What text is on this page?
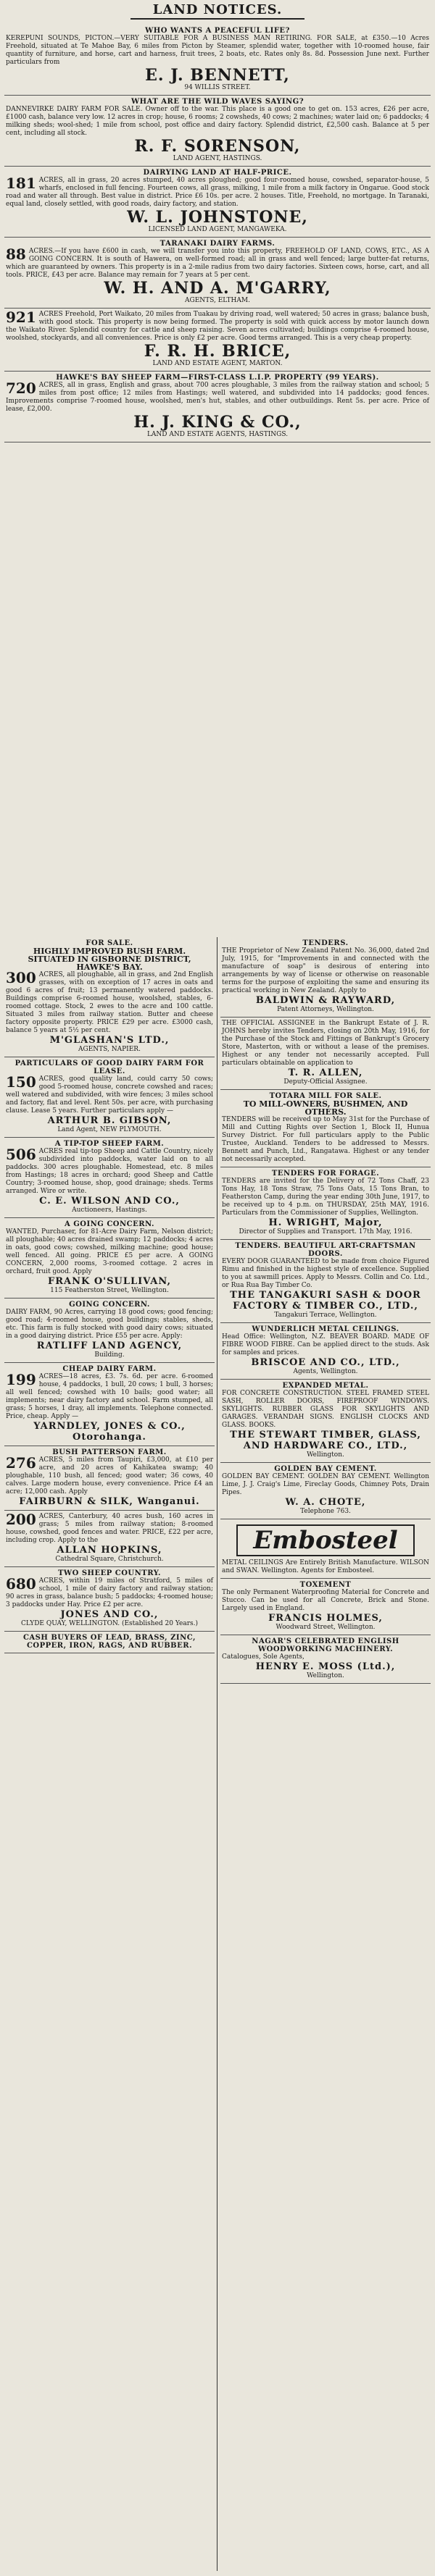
LAND NOTICES.
WHO WANTS A PEACEFUL LIFE?
KEREPUNI SOUNDS, PICTON.—VERY SUITABLE FOR A BUSINESS MAN RETIRING. FOR SALE, at £350.—10 Acres Freehold, situated at Te Mahoe Bay, 6 miles from Picton by Steamer, splendid water, together with 10-roomed house, fair quantity of furniture, and horse, cart and harness, fruit trees, 2 boats, etc. Rates only 8s. 8d. Possession June next. Further particulars from
E. J. BENNETT,
94 WILLIS STREET.
WHAT ARE THE WILD WAVES SAYING?
DANNEVIRKE DAIRY FARM FOR SALE. Owner off to the war. This place is a good one to get on. 153 acres, £26 per acre, £1000 cash, balance very low. 12 acres in crop; house, 6 rooms; 2 cowsheds, 40 cows; 2 machines; water laid on; 6 paddocks; 4 milking sheds; wool-shed; 1 mile from school, post office and dairy factory. Splendid district, £2,500 cash. Balance at 5 per cent, including all stock.
R. F. SORENSON,
LAND AGENT, HASTINGS.
DAIRYING LAND AT HALF-PRICE.
181 ACRES, all in grass, 20 acres stumped, 40 acres ploughed; good four-roomed house, cowshed, separator-house, 5 wharfs, enclosed in full fencing. Fourteen cows, all grass, milking, 1 mile from a milk factory in Ongarue. Good stock road and water all through. Best value in district. Price £6 10s. per acre. 2 houses. Title, Freehold, no mortgage. In Taranaki, equal land, closely settled, with good roads, dairy factory, and station.
W. L. JOHNSTONE,
LICENSED LAND AGENT, MANGAWEKA.
TARANAKI DAIRY FARMS.
88 ACRES.—If you have £600 in cash, we will transfer you into this property, FREEHOLD OF LAND, COWS, ETC., AS A GOING CONCERN. It is south of Hawera, on well-formed road; all in grass and well fenced; large butter-fat returns, which are guaranteed by owners. This property is in a 2-mile radius from two dairy factories. Sixteen cows, horse, cart, and all tools. PRICE, £43 per acre. Balance may remain for 7 years at 5 per cent.
W. H. AND A. M'GARRY,
AGENTS, ELTHAM.
921 ACRES Freehold, Port Waikato, 20 miles from Tuakau by driving road, well watered; 50 acres in grass; balance bush, with good stock. This property is now being formed. The property is sold with quick access by motor launch down the Waikato River. Splendid country for cattle and sheep raising. Seven acres cultivated; buildings comprise 4-roomed house, woolshed, stockyards, and all conveniences. Price is only £2 per acre. Good terms arranged. This is a very cheap property.
F. R. H. BRICE,
LAND AND ESTATE AGENT, MARTON.
HAWKE'S BAY SHEEP FARM—FIRST-CLASS L.I.P. PROPERTY (99 YEARS).
720 ACRES, all in grass, English and grass, about 700 acres ploughable, 3 miles from the railway station and school; 5 miles from post office; 12 miles from Hastings; well watered, and subdivided into 14 paddocks; good fences. Improvements comprise 7-roomed house, woolshed, men's hut, stables, and other outbuildings. Rent 5s. per acre. Price of lease, £2,000.
H. J. KING & CO.,
LAND AND ESTATE AGENTS, HASTINGS.
FOR SALE.
HIGHLY IMPROVED BUSH FARM.
SITUATED IN GISBORNE DISTRICT, HAWKE'S BAY.
300 ACRES, all ploughable, all in grass, and 2nd English grasses, with on exception of 17 acres in oats and good 6 acres of fruit; 13 permanently watered paddocks. Buildings comprise 6-roomed house, woolshed, stables, 6-roomed cottage. Stock, 2 ewes to the acre and 100 cattle. Situated 3 miles from railway station. Butter and cheese factory opposite property. PRICE £29 per acre. £3000 cash, balance 5 years at 5½ per cent.
M'GLASHAN'S LTD.,
AGENTS, NAPIER.
PARTICULARS OF GOOD DAIRY FARM FOR LEASE.
150 ACRES, good quality land, could carry 50 cows; good 5-roomed house, concrete cowshed and races; well watered and subdivided, with wire fences; 3 miles school and factory, flat and level. Rent 50s. per acre, with purchasing clause. Lease 5 years. Further particulars apply —
ARTHUR B. GIBSON,
Land Agent, NEW PLYMOUTH.
A TIP-TOP SHEEP FARM.
506 ACRES real tip-top Sheep and Cattle Country, nicely subdivided into paddocks, water laid on to all paddocks. 300 acres ploughable. Homestead, etc. 8 miles from Hastings; 18 acres in orchard; good Sheep and Cattle Country; 3-roomed house, shop, good drainage; sheds. Terms arranged. Wire or write.
C. E. WILSON AND CO.,
Auctioneers, Hastings.
A GOING CONCERN.
WANTED, Purchaser, for 81-Acre Dairy Farm, Nelson district; all ploughable; 40 acres drained swamp; 12 paddocks; 4 acres in oats, good cows; cowshed, milking machine; good house; well fenced. All going. PRICE £5 per acre. A GOING CONCERN, 2,000 rooms, 3-roomed cottage. 2 acres in orchard, fruit good. Apply
FRANK O'SULLIVAN,
115 Featherston Street, Wellington.
GOING CONCERN.
DAIRY FARM, 90 Acres, carrying 18 good cows; good fencing; good road; 4-roomed house, good buildings; stables, sheds, etc. This farm is fully stocked with good dairy cows; situated in a good dairying district. Price £55 per acre. Apply:
RATLIFF LAND AGENCY,
Building.
CHEAP DAIRY FARM.
199 ACRES—18 acres, £3. 7s. 6d. per acre. 6-roomed house, 4 paddocks, 1 bull, 20 cows; 1 bull, 3 horses; all well fenced; cowshed with 10 bails; good water; all implements; near dairy factory and school. Farm stumped, all grass; 5 horses, 1 dray, all implements. Telephone connected. Price, cheap. Apply —
YARNDLEY, JONES & CO., Otorohanga.
BUSH PATTERSON FARM.
276 ACRES, 5 miles from Taupiri, £3,000, at £10 per acre, and 20 acres of Kahikatea swamp; 40 ploughable, 110 bush, all fenced; good water; 36 cows, 40 calves. Large modern house, every convenience. Price £4 an acre; 12,000 cash. Apply
FAIRBURN & SILK, Wanganui.
200 ACRES, Canterbury, 40 acres bush, 160 acres in grass; 5 miles from railway station; 8-roomed house, cowshed, good fences and water. PRICE, £22 per acre, including crop. Apply to the
ALLAN HOPKINS,
Cathedral Square, Christchurch.
TWO SHEEP COUNTRY.
680 ACRES, within 19 miles of Stratford, 5 miles of school, 1 mile of dairy factory and railway station; 90 acres in grass, balance bush; 5 paddocks; 4-roomed house; 3 paddocks under Hay. Price £2 per acre.
JONES AND CO.,
CLYDE QUAY, WELLINGTON. (Established 20 Years.)
CASH BUYERS OF LEAD, BRASS, ZINC, COPPER, IRON, RAGS, AND RUBBER.
TENDERS.
THE Proprietor of New Zealand Patent No. 36,000, dated 2nd July, 1915, for "Improvements in and connected with the manufacture of soap" is desirous of entering into arrangements by way of license or otherwise on reasonable terms for the purpose of exploiting the same and ensuring its practical working in New Zealand. Apply to
BALDWIN & RAYWARD,
Patent Attorneys, Wellington.
THE OFFICIAL ASSIGNEE in the Bankrupt Estate of J. R. JOHNS hereby invites Tenders, closing on 20th May, 1916, for the Purchase of the Stock and Fittings of Bankrupt's Grocery Store, Masterton, with or without a lease of the premises. Highest or any tender not necessarily accepted. Full particulars obtainable on application to
T. R. ALLEN,
Deputy-Official Assignee.
TOTARA MILL FOR SALE.
TO MILL-OWNERS, BUSHMEN, AND OTHERS.
TENDERS will be received up to May 31st for the Purchase of Mill and Cutting Rights over Section 1, Block II, Hunua Survey District. For full particulars apply to the Public Trustee, Auckland. Tenders to be addressed to Messrs. Bennett and Punch, Ltd., Rangatawa. Highest or any tender not necessarily accepted.
TENDERS FOR FORAGE.
TENDERS are invited for the Delivery of 72 Tons Chaff, 23 Tons Hay, 18 Tons Straw, 75 Tons Oats, 15 Tons Bran, to Featherston Camp, during the year ending 30th June, 1917, to be received up to 4 p.m. on THURSDAY, 25th MAY, 1916. Particulars from the Commissioner of Supplies, Wellington.
H. WRIGHT, Major,
Director of Supplies and Transport. 17th May, 1916.
TENDERS. BEAUTIFUL ART-CRAFTSMAN DOORS.
EVERY DOOR GUARANTEED to be made from choice Figured Rimu and finished in the highest style of excellence. Supplied to you at sawmill prices. Apply to Messrs. Collin and Co. Ltd., or Rua Rua Bay Timber Co.
THE TANGAKURI SASH & DOOR FACTORY & TIMBER CO., LTD.,
Tangakuri Terrace, Wellington.
WUNDERLICH METAL CEILINGS.
Head Office: Wellington, N.Z. BEAVER BOARD. MADE OF FIBRE WOOD FIBRE. Can be applied direct to the studs. Ask for samples and prices.
BRISCOE AND CO., LTD.,
Agents, Wellington.
EXPANDED METAL.
FOR CONCRETE CONSTRUCTION. STEEL FRAMED STEEL SASH, ROLLER DOORS, FIREPROOF WINDOWS. SKYLIGHTS. RUBBER GLASS FOR SKYLIGHTS AND GARAGES. VERANDAH SIGNS. ENGLISH CLOCKS AND GLASS. BOOKS.
THE STEWART TIMBER, GLASS, AND HARDWARE CO., LTD.,
Wellington.
GOLDEN BAY CEMENT.
GOLDEN BAY CEMENT. GOLDEN BAY CEMENT. Wellington Lime, J. J. Craig's Lime, Fireclay Goods, Chimney Pots, Drain Pipes.
W. A. CHOTE,
Telephone 763.
Embosteel
METAL CEILINGS Are Entirely British Manufacture. WILSON and SWAN. Wellington. Agents for Embosteel.
TOXEMENT
The only Permanent Waterproofing Material for Concrete and Stucco. Can be used for all Concrete, Brick and Stone. Largely used in England.
FRANCIS HOLMES,
Woodward Street, Wellington.
NAGAR'S CELEBRATED ENGLISH WOODWORKING MACHINERY.
Catalogues, Sole Agents,
HENRY E. MOSS (Ltd.),
Wellington.
